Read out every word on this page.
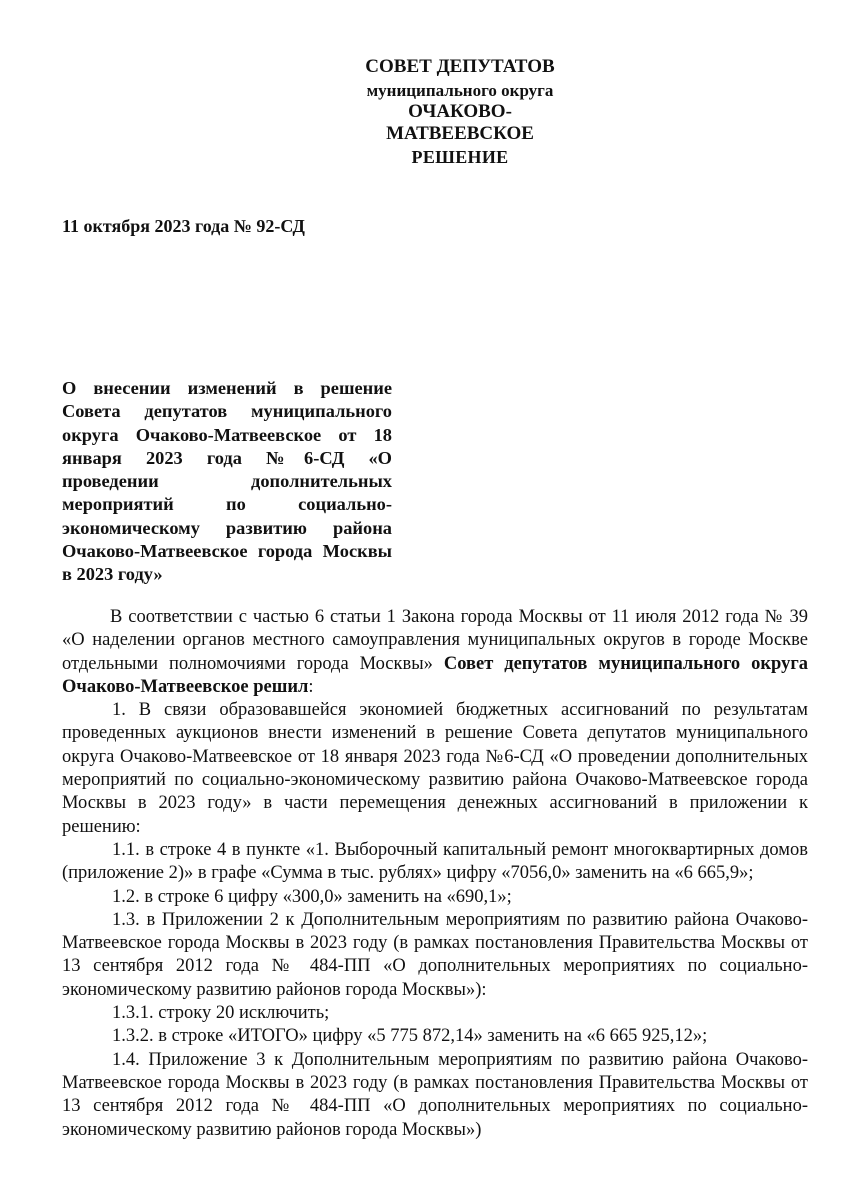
СОВЕТ ДЕПУТАТОВ
муниципального округа
ОЧАКОВО-МАТВЕЕВСКОЕ
РЕШЕНИЕ
11 октября 2023 года № 92-СД
О внесении изменений в решение Совета депутатов муниципального округа Очаково-Матвеевское от 18 января 2023 года №6-СД «О проведении дополнительных мероприятий по социально-экономическому развитию района Очаково-Матвеевское города Москвы в 2023 году»

В соответствии с частью 6 статьи 1 Закона города Москвы от 11 июля 2012 года № 39 «О наделении органов местного самоуправления муниципальных округов в городе Москве отдельными полномочиями города Москвы» Совет депутатов муниципального округа Очаково-Матвеевское решил:

1. В связи образовавшейся экономией бюджетных ассигнований по результатам проведенных аукционов внести изменений в решение Совета депутатов муниципального округа Очаково-Матвеевское от 18 января 2023 года №6-СД «О проведении дополнительных мероприятий по социально-экономическому развитию района Очаково-Матвеевское города Москвы в 2023 году» в части перемещения денежных ассигнований в приложении к решению:

1.1. в строке 4 в пункте «1. Выборочный капитальный ремонт многоквартирных домов (приложение 2)» в графе «Сумма в тыс. рублях» цифру «7056,0» заменить на «6 665,9»;

1.2. в строке 6 цифру «300,0» заменить на «690,1»;

1.3. в Приложении 2 к Дополнительным мероприятиям по развитию района Очаково-Матвеевское города Москвы в 2023 году (в рамках постановления Правительства Москвы от 13 сентября 2012 года № 484-ПП «О дополнительных мероприятиях по социально-экономическому развитию районов города Москвы»):

1.3.1. строку 20 исключить;

1.3.2. в строке «ИТОГО» цифру «5 775 872,14» заменить на «6 665 925,12»;

1.4. Приложение 3 к Дополнительным мероприятиям по развитию района Очаково-Матвеевское города Москвы в 2023 году (в рамках постановления Правительства Москвы от 13 сентября 2012 года № 484-ПП «О дополнительных мероприятиях по социально-экономическому развитию районов города Москвы»)
